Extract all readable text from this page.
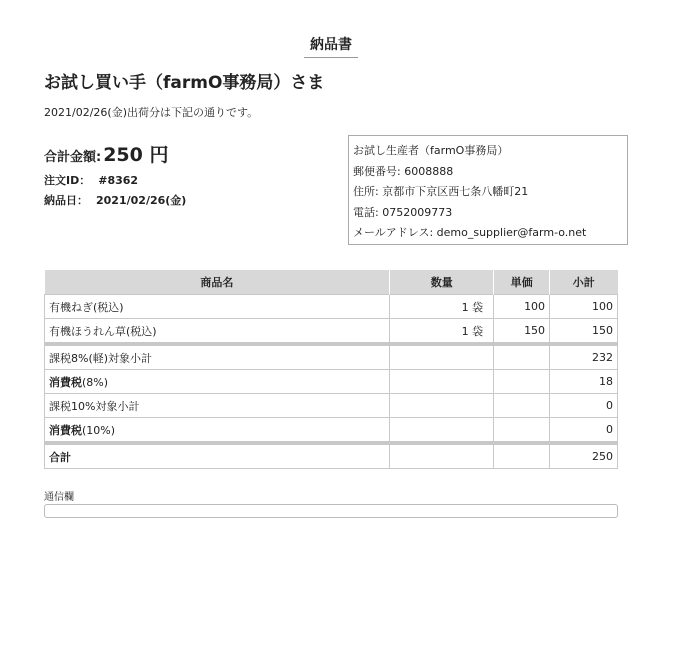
納品書
お試し買い手（farmO事務局）さま
2021/02/26(金)出荷分は下記の通りです。
合計金額: 250 円
注文ID： #8362
納品日： 2021/02/26(金)
お試し生産者（farmO事務局）
郵便番号: 6008888
住所: 京都市下京区西七条八幡町21
電話: 0752009773
メールアドレス: demo_supplier@farm-o.net
商品名	数量	単価	小計
有機ねぎ(税込)	1 袋	100	100
有機ほうれん草(税込)	1 袋	150	150
課税8%(軽)対象小計			232
消費税(8%)			18
課税10%対象小計			0
消費税(10%)			0
合計			250
通信欄
